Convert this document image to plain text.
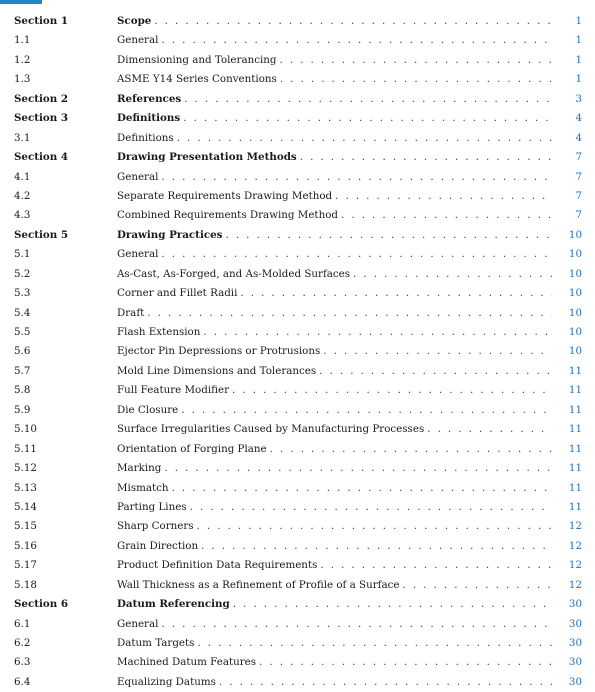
Section 1	Scope . . .	1
1.1	General . . .	1
1.2	Dimensioning and Tolerancing . . .	1
1.3	ASME Y14 Series Conventions . . .	1
Section 2	References . . .	3
Section 3	Definitions . . .	4
3.1	Definitions . . .	4
Section 4	Drawing Presentation Methods . . .	7
4.1	General . . .	7
4.2	Separate Requirements Drawing Method . . .	7
4.3	Combined Requirements Drawing Method . . .	7
Section 5	Drawing Practices . . .	10
5.1	General . . .	10
5.2	As-Cast, As-Forged, and As-Molded Surfaces . . .	10
5.3	Corner and Fillet Radii . . .	10
5.4	Draft . . .	10
5.5	Flash Extension . . .	10
5.6	Ejector Pin Depressions or Protrusions . . .	10
5.7	Mold Line Dimensions and Tolerances . . .	11
5.8	Full Feature Modifier . . .	11
5.9	Die Closure . . .	11
5.10	Surface Irregularities Caused by Manufacturing Processes . . .	11
5.11	Orientation of Forging Plane . . .	11
5.12	Marking . . .	11
5.13	Mismatch . . .	11
5.14	Parting Lines . . .	11
5.15	Sharp Corners . . .	12
5.16	Grain Direction . . .	12
5.17	Product Definition Data Requirements . . .	12
5.18	Wall Thickness as a Refinement of Profile of a Surface . . .	12
Section 6	Datum Referencing . . .	30
6.1	General . . .	30
6.2	Datum Targets . . .	30
6.3	Machined Datum Features . . .	30
6.4	Equalizing Datums . . .	30
